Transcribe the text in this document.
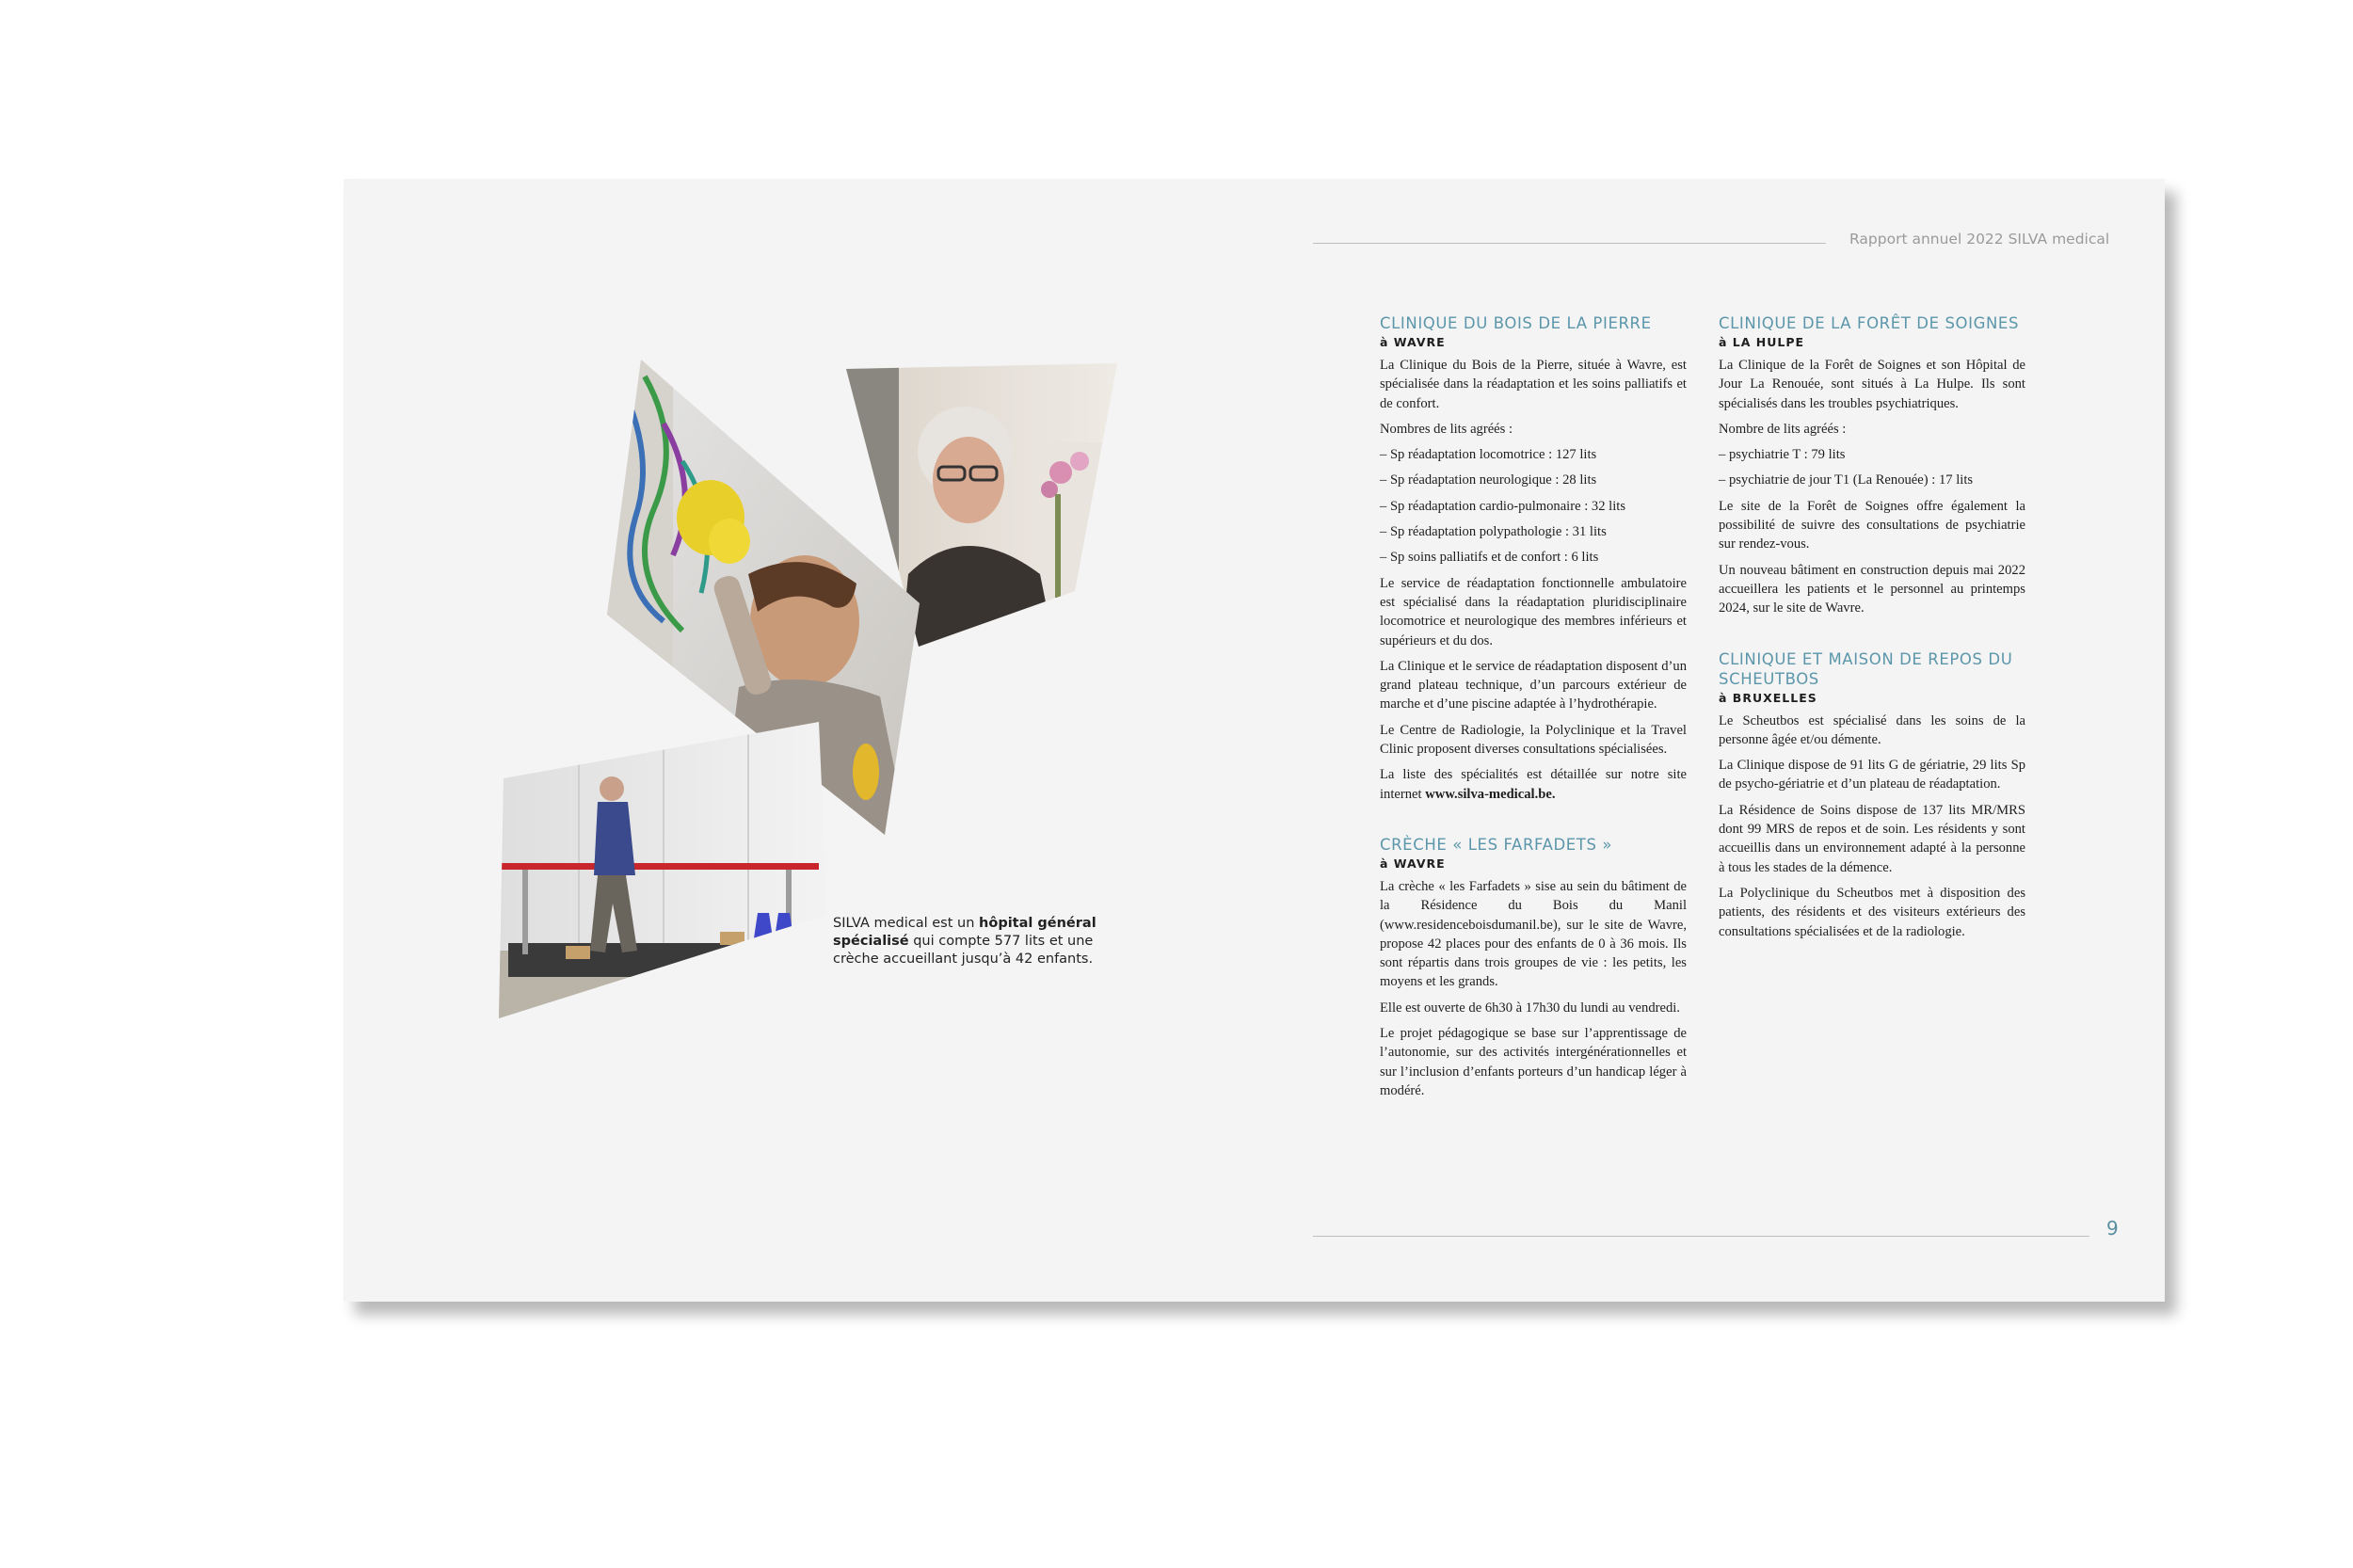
Rapport annuel 2022 SILVA medical
SILVA medical est un hôpital général spécialisé qui compte 577 lits et une crèche accueillant jusqu’à 42 enfants.
CLINIQUE DU BOIS DE LA PIERRE
à WAVRE

La Clinique du Bois de la Pierre, située à Wavre, est spécialisée dans la réadaptation et les soins palliatifs et de confort.

Nombres de lits agréés :

– Sp réadaptation locomotrice : 127 lits

– Sp réadaptation neurologique : 28 lits

– Sp réadaptation cardio-pulmonaire : 32 lits

– Sp réadaptation polypathologie : 31 lits

– Sp soins palliatifs et de confort : 6 lits

Le service de réadaptation fonctionnelle ambulatoire est spécialisé dans la réadaptation pluridisciplinaire locomotrice et neurologique des membres inférieurs et supérieurs et du dos.

La Clinique et le service de réadaptation disposent d’un grand plateau technique, d’un parcours extérieur de marche et d’une piscine adaptée à l’hydrothérapie.

Le Centre de Radiologie, la Polyclinique et la Travel Clinic proposent diverses consultations spécialisées.

La liste des spécialités est détaillée sur notre site internet www.silva-medical.be.

CRÈCHE « LES FARFADETS »
à WAVRE

La crèche « les Farfadets » sise au sein du bâtiment de la Résidence du Bois du Manil (www.residenceboisdumanil.be), sur le site de Wavre, propose 42 places pour des enfants de 0 à 36 mois. Ils sont répartis dans trois groupes de vie : les petits, les moyens et les grands.

Elle est ouverte de 6h30 à 17h30 du lundi au vendredi.

Le projet pédagogique se base sur l’apprentissage de l’autonomie, sur des activités intergénérationnelles et sur l’inclusion d’enfants porteurs d’un handicap léger à modéré.

CLINIQUE DE LA FORÊT DE SOIGNES
à LA HULPE

La Clinique de la Forêt de Soignes et son Hôpital de Jour La Renouée, sont situés à La Hulpe. Ils sont spécialisés dans les troubles psychiatriques.

Nombre de lits agréés :

– psychiatrie T : 79 lits

– psychiatrie de jour T1 (La Renouée) : 17 lits

Le site de la Forêt de Soignes offre également la possibilité de suivre des consultations de psychiatrie sur rendez-vous.

Un nouveau bâtiment en construction depuis mai 2022 accueillera les patients et le personnel au printemps 2024, sur le site de Wavre.

CLINIQUE ET MAISON DE REPOS DU
SCHEUTBOS
à BRUXELLES

Le Scheutbos est spécialisé dans les soins de la personne âgée et/ou démente.

La Clinique dispose de 91 lits G de gériatrie, 29 lits Sp de psycho-gériatrie et d’un plateau de réadaptation.

La Résidence de Soins dispose de 137 lits MR/MRS dont 99 MRS de repos et de soin. Les résidents y sont accueillis dans un environnement adapté à la personne à tous les stades de la démence.

La Polyclinique du Scheutbos met à disposition des patients, des résidents et des visiteurs extérieurs des consultations spécialisées et de la radiologie.

9
